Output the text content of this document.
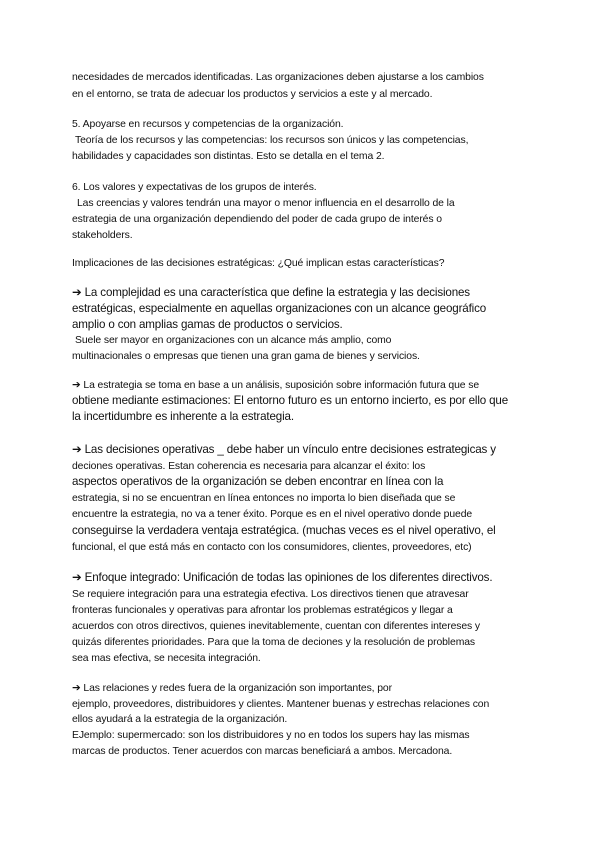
necesidades de mercados identificadas. Las organizaciones deben ajustarse a los cambios
en el entorno, se trata de adecuar los productos y servicios a este y al mercado.
5. Apoyarse en recursos y competencias de la organización.
Teoría de los recursos y las competencias: los recursos son únicos y las competencias,
habilidades y capacidades son distintas. Esto se detalla en el tema 2.
6. Los valores y expectativas de los grupos de interés.
Las creencias y valores tendrán una mayor o menor influencia en el desarrollo de la
estrategia de una organización dependiendo del poder de cada grupo de interés o
stakeholders.
Implicaciones de las decisiones estratégicas: ¿Qué implican estas características?
➔ La complejidad es una característica que define la estrategia y las decisiones
estratégicas, especialmente en aquellas organizaciones con un alcance geográfico
amplio o con amplias gamas de productos o servicios.
Suele ser mayor en organizaciones con un alcance más amplio, como
multinacionales o empresas que tienen una gran gama de bienes y servicios.
➔ La estrategia se toma en base a un análisis, suposición sobre información futura que se
obtiene mediante estimaciones: El entorno futuro es un entorno incierto, es por ello que
la incertidumbre es inherente a la estrategia.
➔ Las decisiones operativas _ debe haber un vínculo entre decisiones estrategicas y
deciones operativas. Estan coherencia es necesaria para alcanzar el éxito: los
aspectos operativos de la organización se deben encontrar en línea con la
estrategia, si no se encuentran en línea entonces no importa lo bien diseñada que se
encuentre la estrategia, no va a tener éxito. Porque es en el nivel operativo donde puede
conseguirse la verdadera ventaja estratégica. (muchas veces es el nivel operativo, el
funcional, el que está más en contacto con los consumidores, clientes, proveedores, etc)
➔ Enfoque integrado: Unificación de todas las opiniones de los diferentes directivos.
Se requiere integración para una estrategia efectiva. Los directivos tienen que atravesar
fronteras funcionales y operativas para afrontar los problemas estratégicos y llegar a
acuerdos con otros directivos, quienes inevitablemente, cuentan con diferentes intereses y
quizás diferentes prioridades. Para que la toma de deciones y la resolución de problemas
sea mas efectiva, se necesita integración.
➔ Las relaciones y redes fuera de la organización son importantes, por
ejemplo, proveedores, distribuidores y clientes. Mantener buenas y estrechas relaciones con
ellos ayudará a la estrategia de la organización.
EJemplo: supermercado: son los distribuidores y no en todos los supers hay las mismas
marcas de productos. Tener acuerdos con marcas beneficiará a ambos. Mercadona.
